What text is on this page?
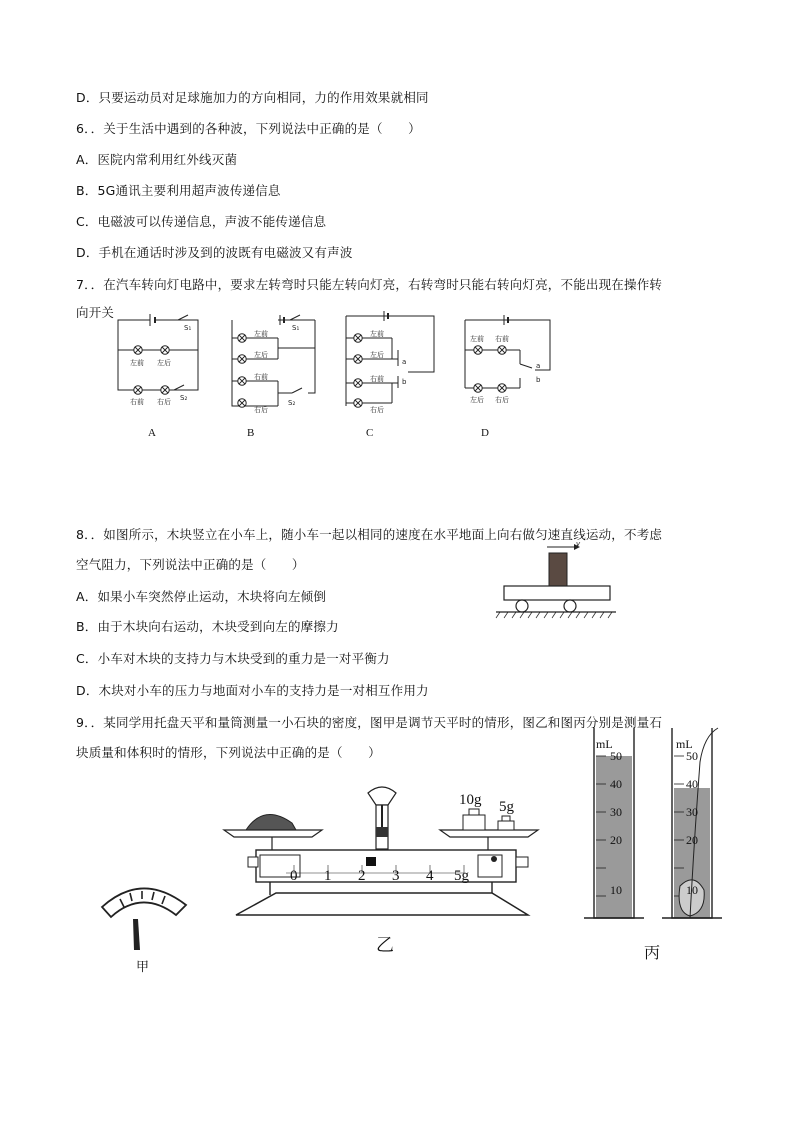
D．只要运动员对足球施加力的方向相同，力的作用效果就相同
6．．关于生活中遇到的各种波，下列说法中正确的是（　　）
A．医院内常利用红外线灭菌
B．5G通讯主要利用超声波传递信息
C．电磁波可以传递信息，声波不能传递信息
D．手机在通话时涉及到的波既有电磁波又有声波
7．．在汽车转向灯电路中，要求左转弯时只能左转向灯亮，右转弯时只能右转向灯亮，不能出现在操作转
向开关
S₁
左前 左后
右前 右后 S₂
S₁
左前
左后
右前
右后
S₂
左前
左后
右前
右后
a
b
左前 右前
左后 右后
a
b
A	B	C	D
8．．如图所示，木块竖立在小车上，随小车一起以相同的速度在水平地面上向右做匀速直线运动，不考虑
空气阻力，下列说法中正确的是（　　）
A．如果小车突然停止运动，木块将向左倾倒
B．由于木块向右运动，木块受到向左的摩擦力
C．小车对木块的支持力与木块受到的重力是一对平衡力
D．木块对小车的压力与地面对小车的支持力是一对相互作用力
v
9．．某同学用托盘天平和量筒测量一小石块的密度，图甲是调节天平时的情形，图乙和图丙分别是测量石
块质量和体积时的情形，下列说法中正确的是（　　）
甲
10g 5g
0 1 2 3 4 5g
乙
mL
50
40
30
20
10
mL
50
40
30
20
10
丙
